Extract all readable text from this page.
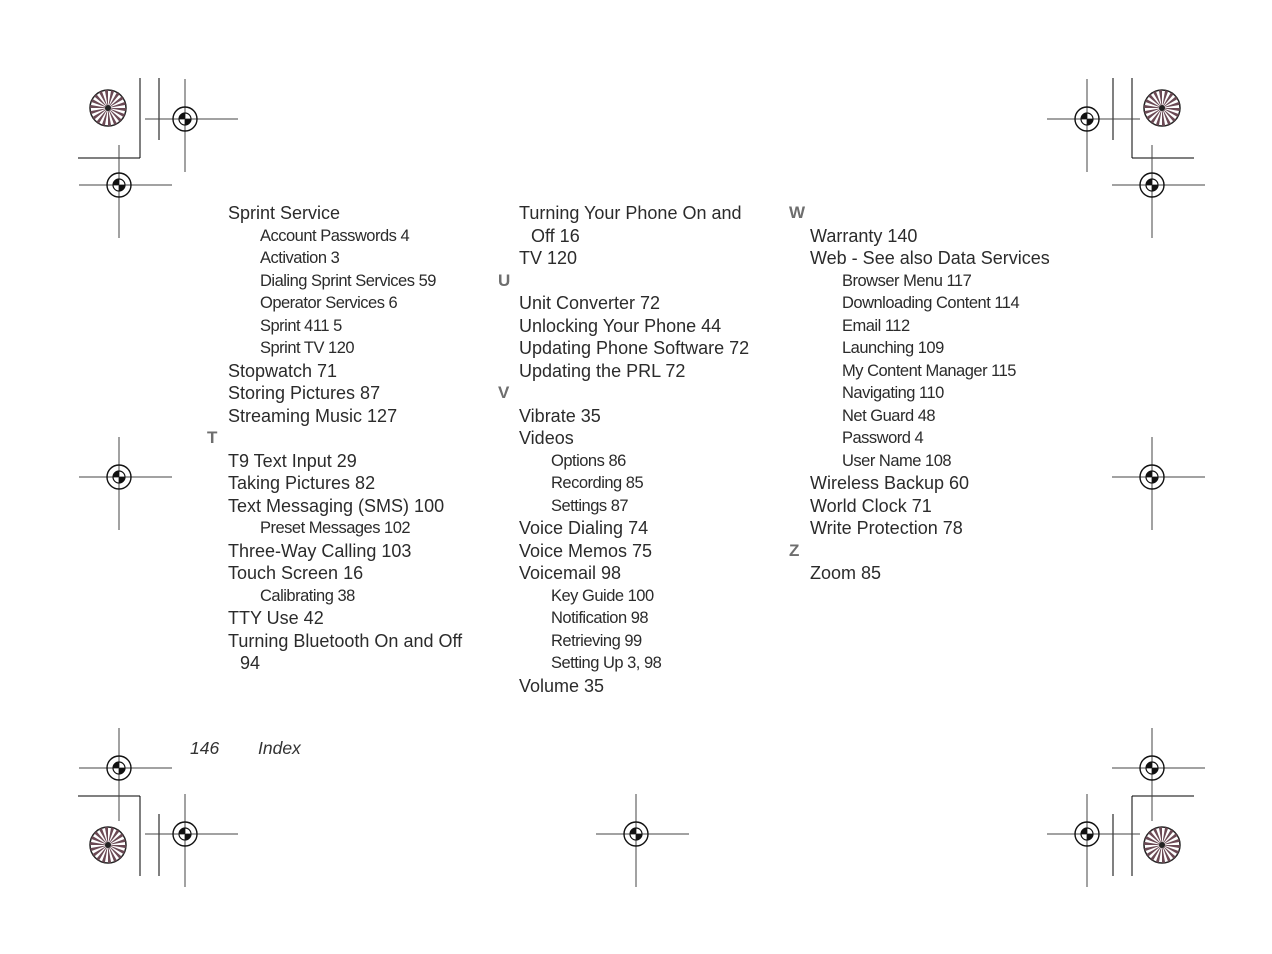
Sprint Service
Account Passwords 4
Activation 3
Dialing Sprint Services 59
Operator Services 6
Sprint 411 5
Sprint TV 120
Stopwatch 71
Storing Pictures 87
Streaming Music 127
T
T9 Text Input 29
Taking Pictures 82
Text Messaging (SMS) 100
Preset Messages 102
Three-Way Calling 103
Touch Screen 16
Calibrating 38
TTY Use 42
Turning Bluetooth On and Off
94
Turning Your Phone On and
Off 16
TV 120
U
Unit Converter 72
Unlocking Your Phone 44
Updating Phone Software 72
Updating the PRL 72
V
Vibrate 35
Videos
Options 86
Recording 85
Settings 87
Voice Dialing 74
Voice Memos 75
Voicemail 98
Key Guide 100
Notification 98
Retrieving 99
Setting Up 3, 98
Volume 35
W
Warranty 140
Web - See also Data Services
Browser Menu 117
Downloading Content 114
Email 112
Launching 109
My Content Manager 115
Navigating 110
Net Guard 48
Password 4
User Name 108
Wireless Backup 60
World Clock 71
Write Protection 78
Z
Zoom 85
146 Index
